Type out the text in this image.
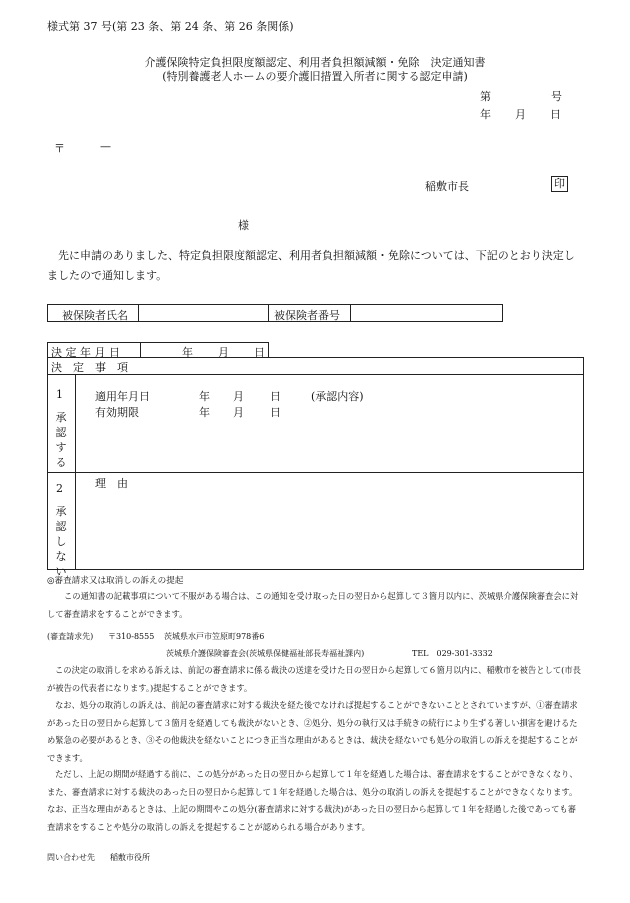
様式第 37 号(第 23 条、第 24 条、第 26 条関係)
介護保険特定負担限度額認定、利用者負担額減額・免除　決定通知書
(特別養護老人ホームの要介護旧措置入所者に関する認定申請)
第	号
年 月 日
〒	—
稲敷市長	印
様
先に申請のありました、特定負担限度額認定、利用者負担額減額・免除については、下記のとおり決定しましたので通知します。
被保険者氏名	被保険者番号
決 定 年 月 日	年 月 日
決　定　事　項
1
承認する
適用年月日	年 月 日	(承認内容)
有効期限	年 月 日
2
承認しない
理　由
◎審査請求又は取消しの訴えの提起
この通知書の記載事項について不服がある場合は、この通知を受け取った日の翌日から起算して３箇月以内に、茨城県介護保険審査会に対して審査請求をすることができます。
(審査請求先) 〒310-8555 茨城県水戸市笠原町978番6
茨城県介護保険審査会(茨城県保健福祉部長寿福祉課内)	TEL　029-301-3332
この決定の取消しを求める訴えは、前記の審査請求に係る裁決の送達を受けた日の翌日から起算して６箇月以内に、稲敷市を被告として(市長が被告の代表者になります。)提起することができます。
なお、処分の取消しの訴えは、前記の審査請求に対する裁決を経た後でなければ提起することができないこととされていますが、①審査請求があった日の翌日から起算して３箇月を経過しても裁決がないとき、②処分、処分の執行又は手続きの続行により生ずる著しい損害を避けるため緊急の必要があるとき、③その他裁決を経ないことにつき正当な理由があるときは、裁決を経ないでも処分の取消しの訴えを提起することができます。
ただし、上記の期間が経過する前に、この処分があった日の翌日から起算して１年を経過した場合は、審査請求をすることができなくなり、また、審査請求に対する裁決のあった日の翌日から起算して１年を経過した場合は、処分の取消しの訴えを提起することができなくなります。なお、正当な理由があるときは、上記の期間やこの処分(審査請求に対する裁決)があった日の翌日から起算して１年を経過した後であっても審査請求をすることや処分の取消しの訴えを提起することが認められる場合があります。
問い合わせ先 稲敷市役所
